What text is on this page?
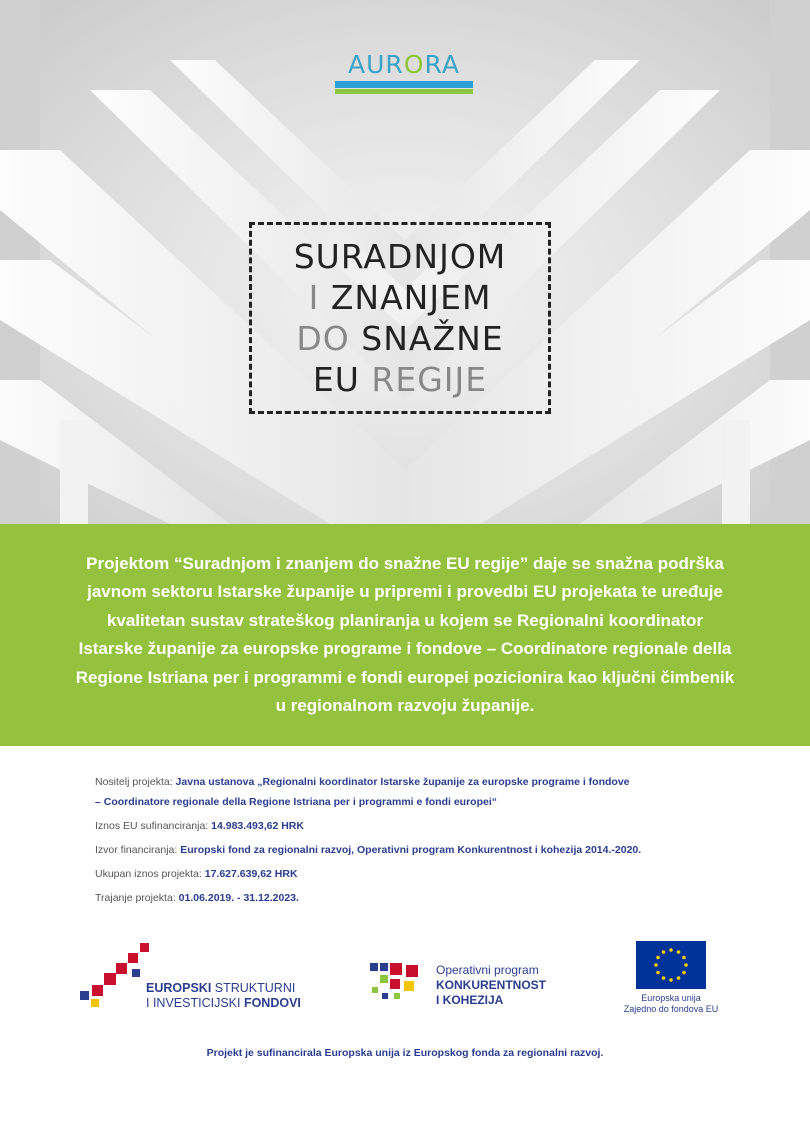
AURORA
SURADNJOM
I ZNANJEM
DO SNAŽNE
EU REGIJE

Projektom “Suradnjom i znanjem do snažne EU regije” daje se snažna podrška javnom sektoru Istarske županije u pripremi i provedbi EU projekata te uređuje kvalitetan sustav strateškog planiranja u kojem se Regionalni koordinator Istarske županije za europske programe i fondove – Coordinatore regionale della Regione Istriana per i programmi e fondi europei pozicionira kao ključni čimbenik u regionalnom razvoju županije.

Nositelj projekta: Javna ustanova „Regionalni koordinator Istarske županije za europske programe i fondove
– Coordinatore regionale della Regione Istriana per i programmi e fondi europei“
Iznos EU sufinanciranja: 14.983.493,62 HRK
Izvor financiranja: Europski fond za regionalni razvoj, Operativni program Konkurentnost i kohezija 2014.-2020.
Ukupan iznos projekta: 17.627.639,62 HRK
Trajanje projekta: 01.06.2019. - 31.12.2023.
EUROPSKI STRUKTURNI
I INVESTICIJSKI FONDOVI
Operativni program
KONKURENTNOST
I KOHEZIJA	Europska unija
Zajedno do fondova EU
Projekt je sufinancirala Europska unija iz Europskog fonda za regionalni razvoj.
